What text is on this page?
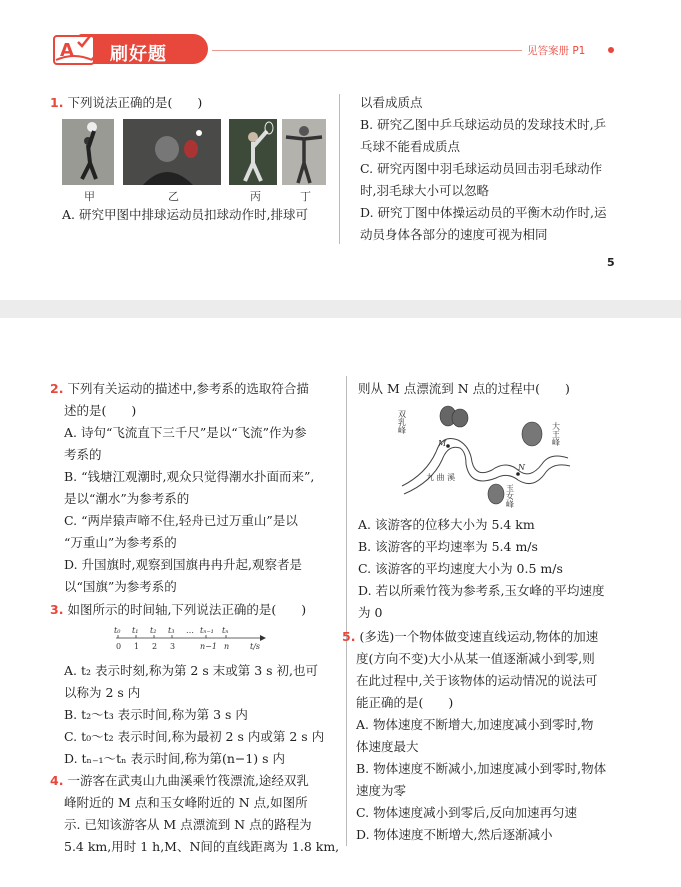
A 刷好题	见答案册 P1
1. 下列说法正确的是(　　)
甲	乙	丙	丁
A. 研究甲图中排球运动员扣球动作时,排球可
以看成质点
B. 研究乙图中乒乓球运动员的发球技术时,乒
乓球不能看成质点
C. 研究丙图中羽毛球运动员回击羽毛球动作
时,羽毛球大小可以忽略
D. 研究丁图中体操运动员的平衡木动作时,运
动员身体各部分的速度可视为相同
5
2. 下列有关运动的描述中,参考系的选取符合描
述的是(　　)
A. 诗句“飞流直下三千尺”是以“飞流”作为参
考系的
B. “钱塘江观潮时,观众只觉得潮水扑面而来”,
是以“潮水”为参考系的
C. “两岸猿声啼不住,轻舟已过万重山”是以
“万重山”为参考系的
D. 升国旗时,观察到国旗冉冉升起,观察者是
以“国旗”为参考系的
3. 如图所示的时间轴,下列说法正确的是(　　)
t₀ t₁ t₂ t₃ … tₙ₋₁ tₙ
0 1 2 3	n−1 n	t/s
A. t₂ 表示时刻,称为第 2 s 末或第 3 s 初,也可
以称为 2 s 内
B. t₂～t₃ 表示时间,称为第 3 s 内
C. t₀～t₂ 表示时间,称为最初 2 s 内或第 2 s 内
D. tₙ₋₁～tₙ 表示时间,称为第(n−1) s 内
4. 一游客在武夷山九曲溪乘竹筏漂流,途经双乳
峰附近的 M 点和玉女峰附近的 N 点,如图所
示. 已知该游客从 M 点漂流到 N 点的路程为
5.4 km,用时 1 h,M、N间的直线距离为 1.8 km,
则从 M 点漂流到 N 点的过程中(　　)
双乳峰	大王峰
玉女峰
九 曲 溪
M
N
A. 该游客的位移大小为 5.4 km
B. 该游客的平均速率为 5.4 m/s
C. 该游客的平均速度大小为 0.5 m/s
D. 若以所乘竹筏为参考系,玉女峰的平均速度
为 0
5. (多选)一个物体做变速直线运动,物体的加速
度(方向不变)大小从某一值逐渐减小到零,则
在此过程中,关于该物体的运动情况的说法可
能正确的是(　　)
A. 物体速度不断增大,加速度减小到零时,物
体速度最大
B. 物体速度不断减小,加速度减小到零时,物体
速度为零
C. 物体速度减小到零后,反向加速再匀速
D. 物体速度不断增大,然后逐渐减小
